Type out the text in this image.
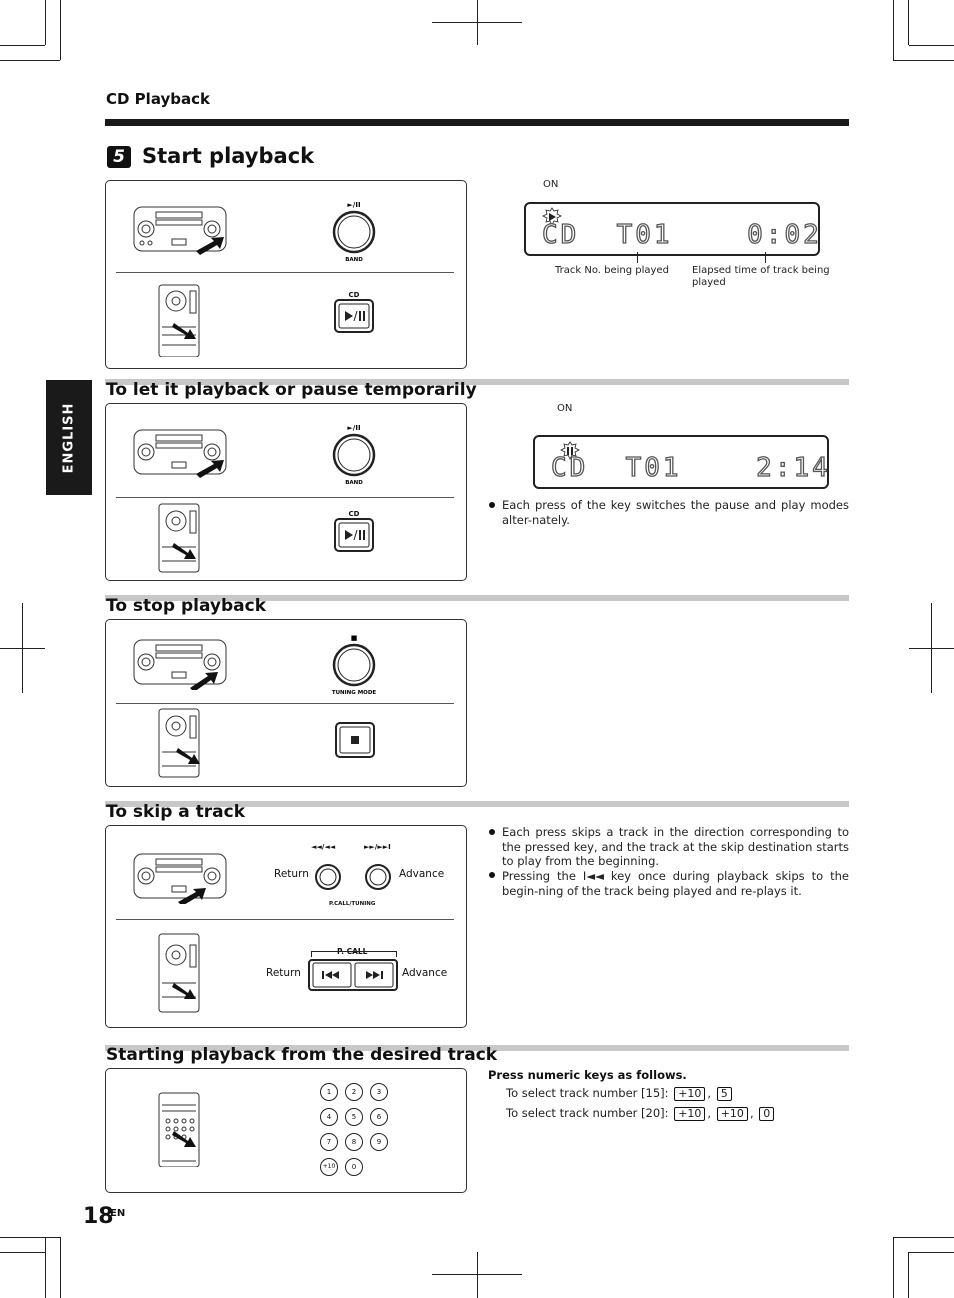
CD Playback
ENGLISH
5 Start playback
►/II
BAND
CD
ON
CD  T01    0:02
Track No. being played Elapsed time of track being played
To let it playback or pause temporarily
►/II
BAND
CD
ON
CD  T01    2:14
Each press of the key switches the pause and play modes alter-nately.
To stop playback
■
TUNING MODE
To skip a track
Return	Advance
◄◄/◄◄	►►/►►I
P.CALL/TUNING
Return	Advance
P. CALL
Each press skips a track in the direction corresponding to the pressed key, and the track at the skip destination starts to play from the beginning.
Pressing the I◄◄ key once during playback skips to the begin-ning of the track being played and re-plays it.
Starting playback from the desired track
1	2	3
4	5	6
7	8	9
+10	0
Press numeric keys as follows.
To select track number [15]: +10 , 5
To select track number [20]: +10 , +10 , 0
18
EN
